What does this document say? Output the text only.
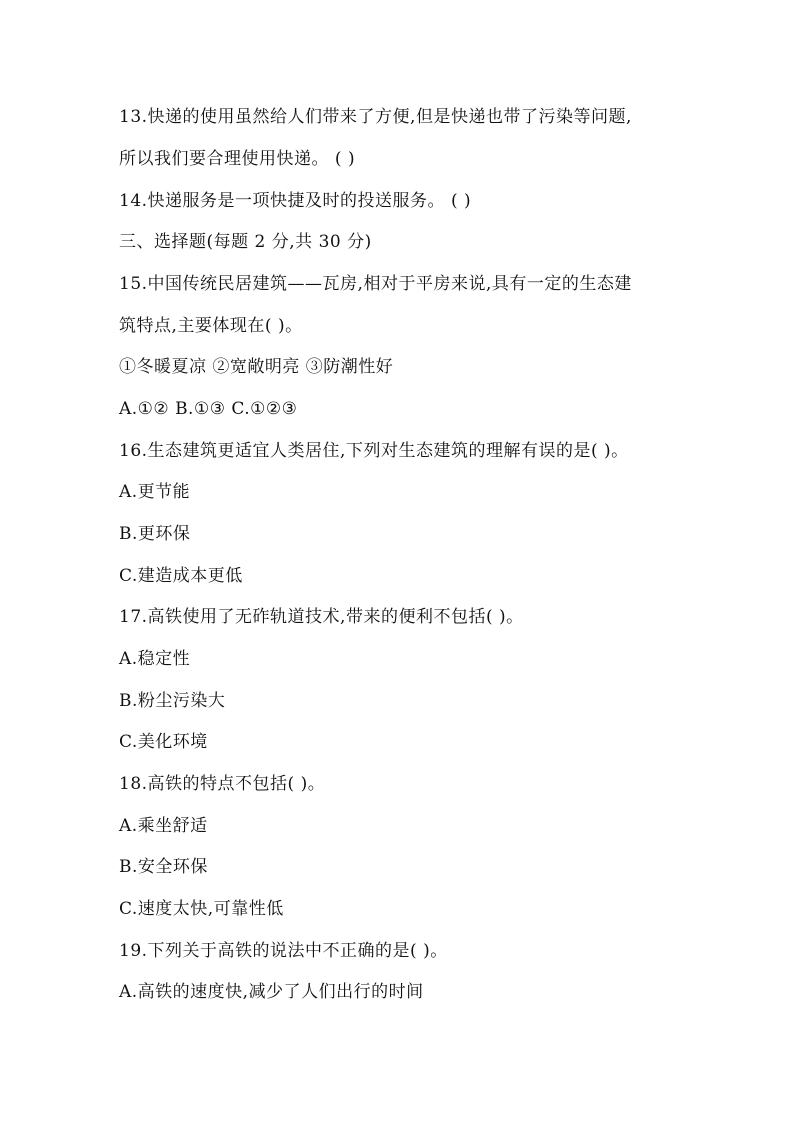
13.快递的使用虽然给人们带来了方便,但是快递也带了污染等问题,
所以我们要合理使用快递。 ( )
14.快递服务是一项快捷及时的投送服务。 ( )
三、选择题(每题 2 分,共 30 分)
15.中国传统民居建筑——瓦房,相对于平房来说,具有一定的生态建
筑特点,主要体现在( )。
①冬暖夏凉 ②宽敞明亮 ③防潮性好
A.①② B.①③ C.①②③
16.生态建筑更适宜人类居住,下列对生态建筑的理解有误的是( )。
A.更节能
B.更环保
C.建造成本更低
17.高铁使用了无砟轨道技术,带来的便利不包括( )。
A.稳定性
B.粉尘污染大
C.美化环境
18.高铁的特点不包括( )。
A.乘坐舒适
B.安全环保
C.速度太快,可靠性低
19.下列关于高铁的说法中不正确的是( )。
A.高铁的速度快,减少了人们出行的时间
